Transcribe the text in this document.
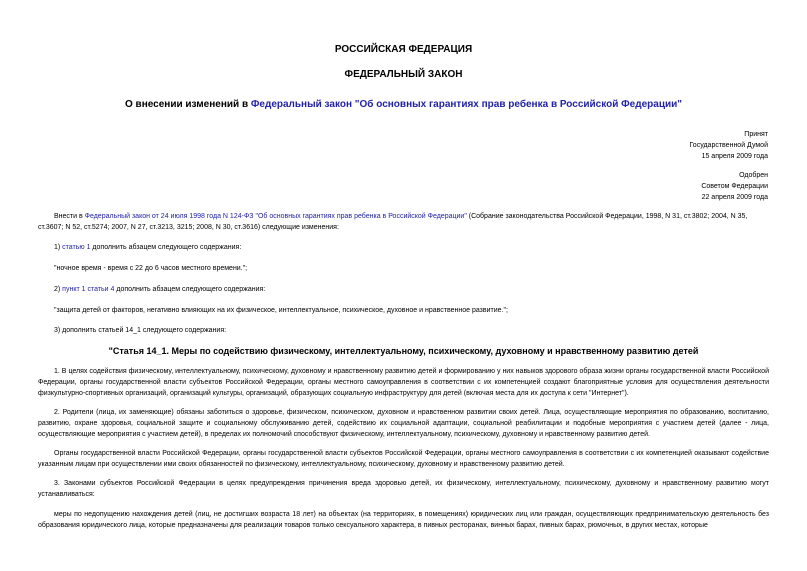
РОССИЙСКАЯ ФЕДЕРАЦИЯ
ФЕДЕРАЛЬНЫЙ ЗАКОН
О внесении изменений в Федеральный закон "Об основных гарантиях прав ребенка в Российской Федерации"
Принят
Государственной Думой
15 апреля 2009 года
Одобрен
Советом Федерации
22 апреля 2009 года
Внести в Федеральный закон от 24 июля 1998 года N 124-ФЗ "Об основных гарантиях прав ребенка в Российской Федерации" (Собрание законодательства Российской Федерации, 1998, N 31, ст.3802; 2004, N 35, ст.3607; N 52, ст.5274; 2007, N 27, ст.3213, 3215; 2008, N 30, ст.3616) следующие изменения:
1) статью 1 дополнить абзацем следующего содержания:
"ночное время - время с 22 до 6 часов местного времени.";
2) пункт 1 статьи 4 дополнить абзацем следующего содержания:
"защита детей от факторов, негативно влияющих на их физическое, интеллектуальное, психическое, духовное и нравственное развитие.";
3) дополнить статьей 14_1 следующего содержания:
"Статья 14_1. Меры по содействию физическому, интеллектуальному, психическому, духовному и нравственному развитию детей
1. В целях содействия физическому, интеллектуальному, психическому, духовному и нравственному развитию детей и формированию у них навыков здорового образа жизни органы государственной власти Российской Федерации, органы государственной власти субъектов Российской Федерации, органы местного самоуправления в соответствии с их компетенцией создают благоприятные условия для осуществления деятельности физкультурно-спортивных организаций, организаций культуры, организаций, образующих социальную инфраструктуру для детей (включая места для их доступа к сети "Интернет").
2. Родители (лица, их заменяющие) обязаны заботиться о здоровье, физическом, психическом, духовном и нравственном развитии своих детей. Лица, осуществляющие мероприятия по образованию, воспитанию, развитию, охране здоровья, социальной защите и социальному обслуживанию детей, содействию их социальной адаптации, социальной реабилитации и подобные мероприятия с участием детей (далее - лица, осуществляющие мероприятия с участием детей), в пределах их полномочий способствуют физическому, интеллектуальному, психическому, духовному и нравственному развитию детей.
Органы государственной власти Российской Федерации, органы государственной власти субъектов Российской Федерации, органы местного самоуправления в соответствии с их компетенцией оказывают содействие указанным лицам при осуществлении ими своих обязанностей по физическому, интеллектуальному, психическому, духовному и нравственному развитию детей.
3. Законами субъектов Российской Федерации в целях предупреждения причинения вреда здоровью детей, их физическому, интеллектуальному, психическому, духовному и нравственному развитию могут устанавливаться:
меры по недопущению нахождения детей (лиц, не достигших возраста 18 лет) на объектах (на территориях, в помещениях) юридических лиц или граждан, осуществляющих предпринимательскую деятельность без образования юридического лица, которые предназначены для реализации товаров только сексуального характера, в пивных ресторанах, винных барах, пивных барах, рюмочных, в других местах, которые
